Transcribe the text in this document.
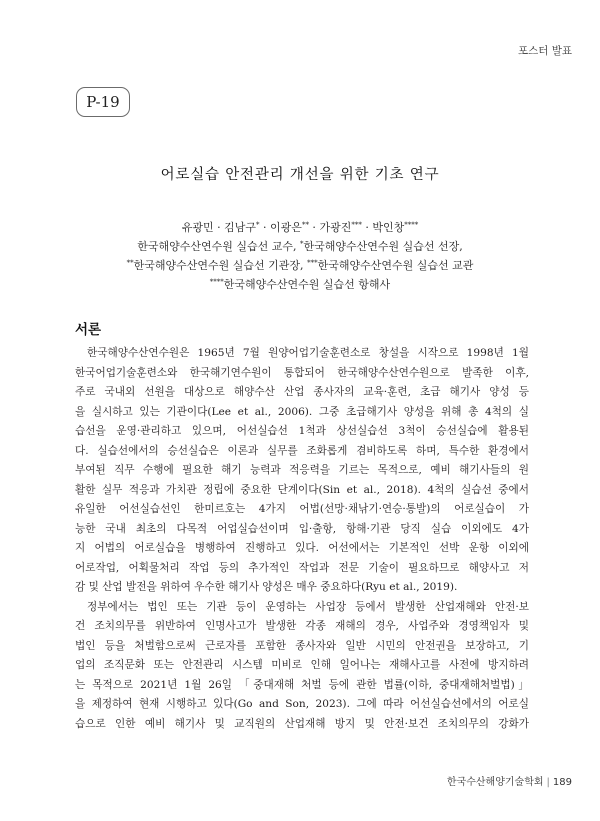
포스터 발표
P-19
어로실습 안전관리 개선을 위한 기초 연구
유광민 · 김남구* · 이광은** · 가광진*** · 박인창****
한국해양수산연수원 실습선 교수, *한국해양수산연수원 실습선 선장,
**한국해양수산연수원 실습선 기관장, ***한국해양수산연수원 실습선 교관
****한국해양수산연수원 실습선 항해사
서론
한국해양수산연수원은 1965년 7월 원양어업기술훈련소로 창설을 시작으로 1998년 1월
한국어업기술훈련소와 한국해기연수원이 통합되어 한국해양수산연수원으로 발족한 이후,
주로 국내외 선원을 대상으로 해양수산 산업 종사자의 교육·훈련, 초급 해기사 양성 등
을 실시하고 있는 기관이다(Lee et al., 2006). 그중 초급해기사 양성을 위해 총 4척의 실
습선을 운영·관리하고 있으며, 어선실습선 1척과 상선실습선 3척이 승선실습에 활용된
다. 실습선에서의 승선실습은 이론과 실무를 조화롭게 겸비하도록 하며, 특수한 환경에서
부여된 직무 수행에 필요한 해기 능력과 적응력을 기르는 목적으로, 예비 해기사들의 원
활한 실무 적응과 가치관 정립에 중요한 단계이다(Sin et al., 2018). 4척의 실습선 중에서
유일한 어선실습선인 한미르호는 4가지 어법(선망·채낚기·연승·통발)의 어로실습이 가
능한 국내 최초의 다목적 어업실습선이며 입·출항, 항해·기관 당직 실습 이외에도 4가
지 어법의 어로실습을 병행하여 진행하고 있다. 어선에서는 기본적인 선박 운항 이외에
어로작업, 어획물처리 작업 등의 추가적인 작업과 전문 기술이 필요하므로 해양사고 저
감 및 산업 발전을 위하여 우수한 해기사 양성은 매우 중요하다(Ryu et al., 2019).
정부에서는 법인 또는 기관 등이 운영하는 사업장 등에서 발생한 산업재해와 안전·보
건 조치의무를 위반하여 인명사고가 발생한 각종 재해의 경우, 사업주와 경영책임자 및
법인 등을 처벌함으로써 근로자를 포함한 종사자와 일반 시민의 안전권을 보장하고, 기
업의 조직문화 또는 안전관리 시스템 미비로 인해 일어나는 재해사고를 사전에 방지하려
는 목적으로 2021년 1월 26일 「중대재해 처벌 등에 관한 법률(이하, 중대재해처벌법)」
을 제정하여 현재 시행하고 있다(Go and Son, 2023). 그에 따라 어선실습선에서의 어로실
습으로 인한 예비 해기사 및 교직원의 산업재해 방지 및 안전·보건 조치의무의 강화가
한국수산해양기술학회 | 189
